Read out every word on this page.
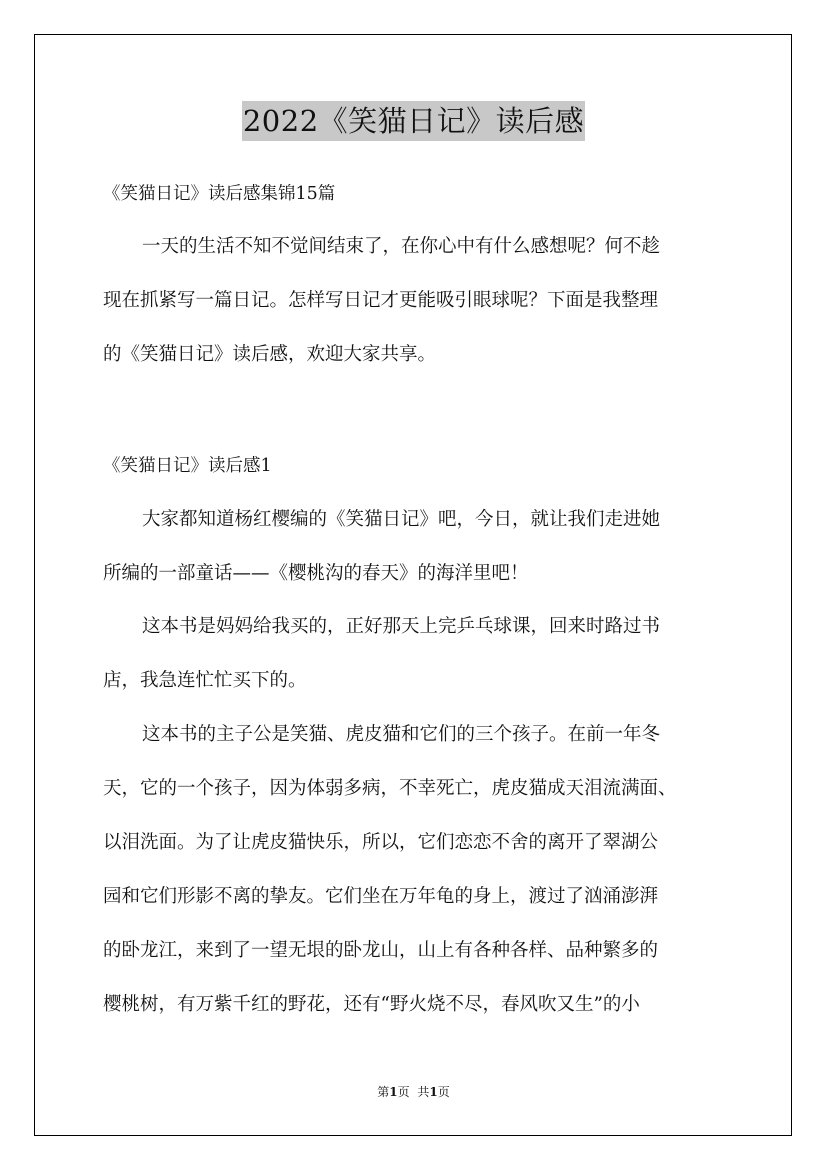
2022《笑猫日记》读后感
《笑猫日记》读后感集锦15篇
一天的生活不知不觉间结束了，在你心中有什么感想呢？何不趁
现在抓紧写一篇日记。怎样写日记才更能吸引眼球呢？下面是我整理
的《笑猫日记》读后感，欢迎大家共享。
《笑猫日记》读后感1
大家都知道杨红樱编的《笑猫日记》吧，今日，就让我们走进她
所编的一部童话——《樱桃沟的春天》的海洋里吧！
这本书是妈妈给我买的，正好那天上完乒乓球课，回来时路过书
店，我急连忙忙买下的。
这本书的主子公是笑猫、虎皮猫和它们的三个孩子。在前一年冬
天，它的一个孩子，因为体弱多病，不幸死亡，虎皮猫成天泪流满面、
以泪洗面。为了让虎皮猫快乐，所以，它们恋恋不舍的离开了翠湖公
园和它们形影不离的挚友。它们坐在万年龟的身上，渡过了汹涌澎湃
的卧龙江，来到了一望无垠的卧龙山，山上有各种各样、品种繁多的
樱桃树，有万紫千红的野花，还有“野火烧不尽，春风吹又生”的小
第1页 共1页
